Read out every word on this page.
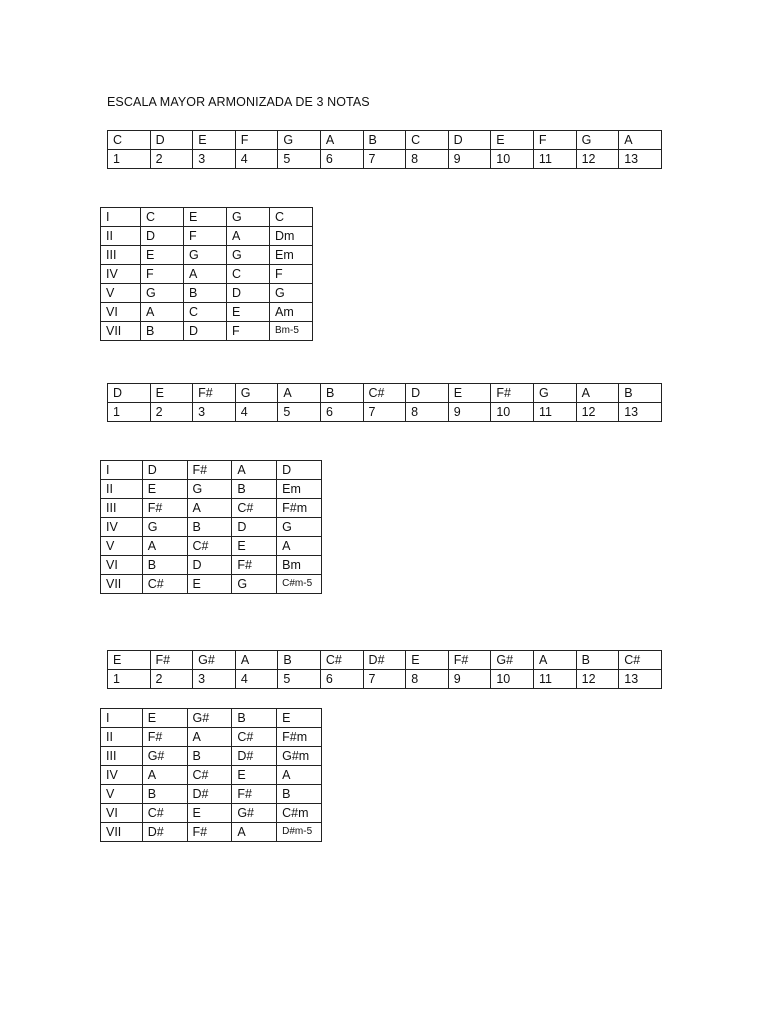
ESCALA MAYOR ARMONIZADA DE 3 NOTAS
C	D	E	F	G	A	B	C	D	E	F	G	A
1	2	3	4	5	6	7	8	9	10	11	12	13
I	C	E	G	C
II	D	F	A	Dm
III	E	G	G	Em
IV	F	A	C	F
V	G	B	D	G
VI	A	C	E	Am
VII	B	D	F	Bm-5
D	E	F#	G	A	B	C#	D	E	F#	G	A	B
1	2	3	4	5	6	7	8	9	10	11	12	13
I	D	F#	A	D
II	E	G	B	Em
III	F#	A	C#	F#m
IV	G	B	D	G
V	A	C#	E	A
VI	B	D	F#	Bm
VII	C#	E	G	C#m-5
E	F#	G#	A	B	C#	D#	E	F#	G#	A	B	C#
1	2	3	4	5	6	7	8	9	10	11	12	13
I	E	G#	B	E
II	F#	A	C#	F#m
III	G#	B	D#	G#m
IV	A	C#	E	A
V	B	D#	F#	B
VI	C#	E	G#	C#m
VII	D#	F#	A	D#m-5
